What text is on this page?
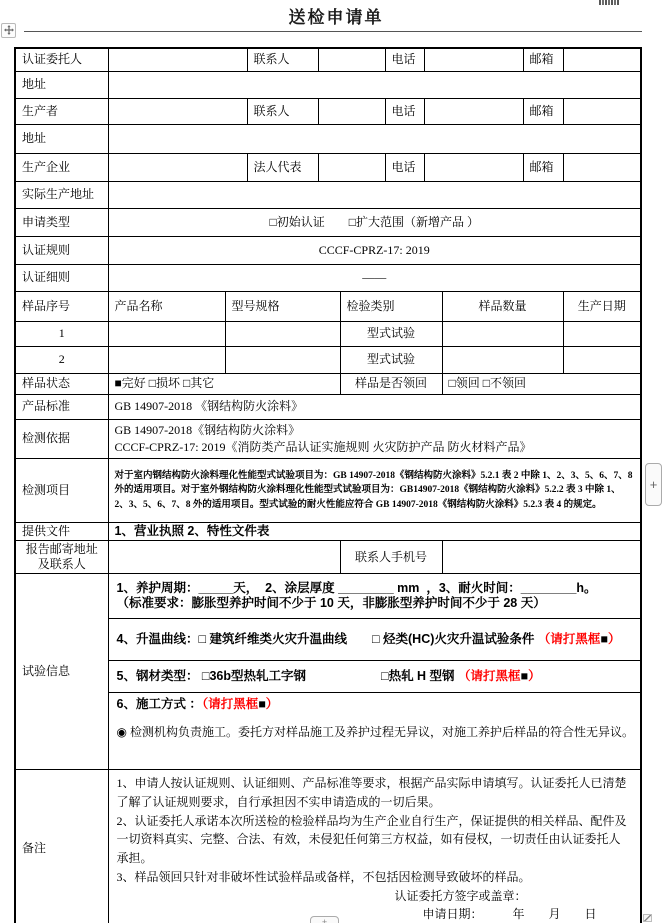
送检申请单
认证委托人			联系人			电话			邮箱	
地址										
生产者			联系人			电话			邮箱	
地址										
生产企业			法人代表			电话			邮箱	
实际生产地址										
申请类型	□初始认证　　□扩大范围（新增产品 ）									
认证规则	CCCF-CPRZ-17: 2019									
认证细则	——									
样品序号	产品名称	型号规格			检验类别			样品数量		生产日期
1					型式试验					
2					型式试验					
样品状态	■完好 □损坏 □其它				样品是否领回			□领回 □不领回		
产品标准	GB 14907-2018 《钢结构防火涂料》									
检测依据	GB 14907-2018《钢结构防火涂料》
CCCF-CPRZ-17: 2019《消防类产品认证实施规则 火灾防护产品 防火材料产品》									

检测项目	对于室内钢结构防火涂料理化性能型式试验项目为：GB 14907-2018《钢结构防火涂料》5.2.1 表 2 中除 1、2、3、5、6、7、8 外的适用项目。对于室外钢结构防火涂料理化性能型式试验项目为：GB14907-2018《钢结构防火涂料》5.2.2 表 3 中除 1、2、3、5、6、7、8 外的适用项目。型式试验的耐火性能应符合 GB 14907-2018《钢结构防火涂料》5.2.3 表 4 的规定。									
提供文件	1、营业执照 2、特性文件表									

报告邮寄地址
及联系人					联系人手机号					
试验信息	
1、养护周期：_____天，  2、涂层厚度 ________ mm  ，3、耐火时间：________h。
（标准要求：膨胀型养护时间不少于 10 天，非膨胀型养护时间不少于 28 天）
4、升温曲线：□ 建筑纤维类火灾升温曲线　　□ 烃类(HC)火灾升温试验条件 （请打黑框■）
5、钢材类型： □36b型热轧工字钢　　　　　　□热轧 H 型钢 （请打黑框■）
6、施工方式 ：（请打黑框■）
◉ 检测机构负责施工。委托方对样品施工及养护过程无异议，对施工养护后样品的符合性无异议。

备注	1、申请人按认证规则、认证细则、产品标准等要求，根据产品实际申请填写。认证委托人已清楚了解了认证规则要求，自行承担因不实申请造成的一切后果。
2、认证委托人承诺本次所送检的检验样品均为生产企业自行生产，保证提供的相关样品、配件及一切资料真实、完整、合法、有效，未侵犯任何第三方权益，如有侵权，一切责任由认证委托人承担。
3、样品领回只针对非破坏性试验样品或备样，不包括因检测导致破坏的样品。
认证委托方签字或盖章：
申请日期：　　　年　　月　　日									
+
+
